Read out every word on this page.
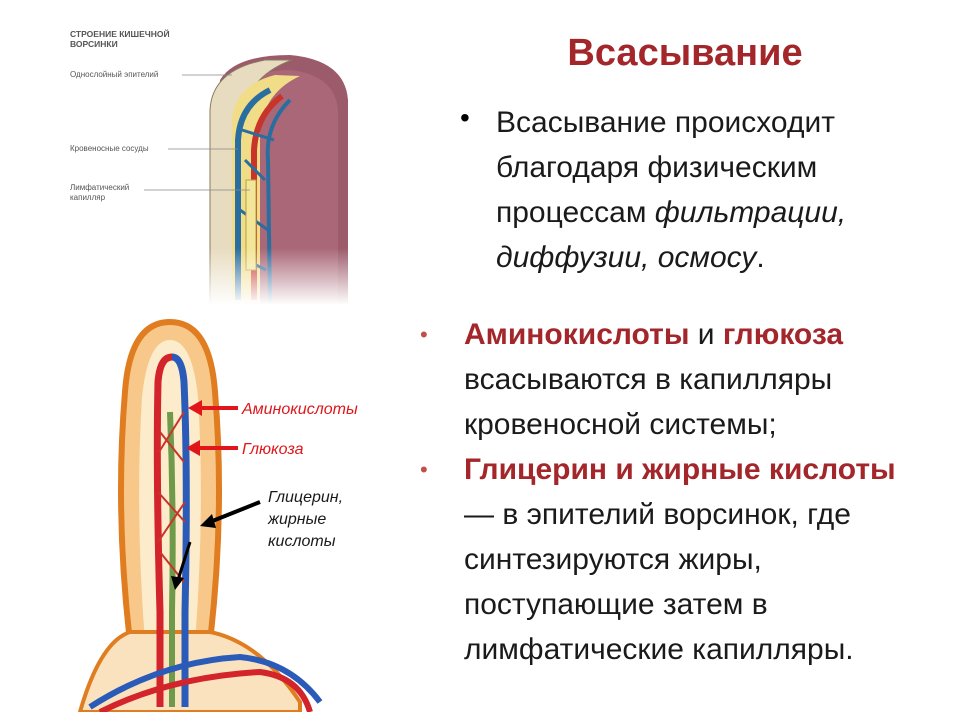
Всасывание
• Всасывание происходит
благодаря физическим
процессам фильтрации,
диффузии, осмосу.
• Аминокислоты и глюкоза
всасываются в капилляры
кровеносной системы;
• Глицерин и жирные кислоты
— в эпителий ворсинок, где
синтезируются жиры,
поступающие затем в
лимфатические капилляры.
Аминокислоты
Глюкоза
Глицерин,
жирные
кислоты
